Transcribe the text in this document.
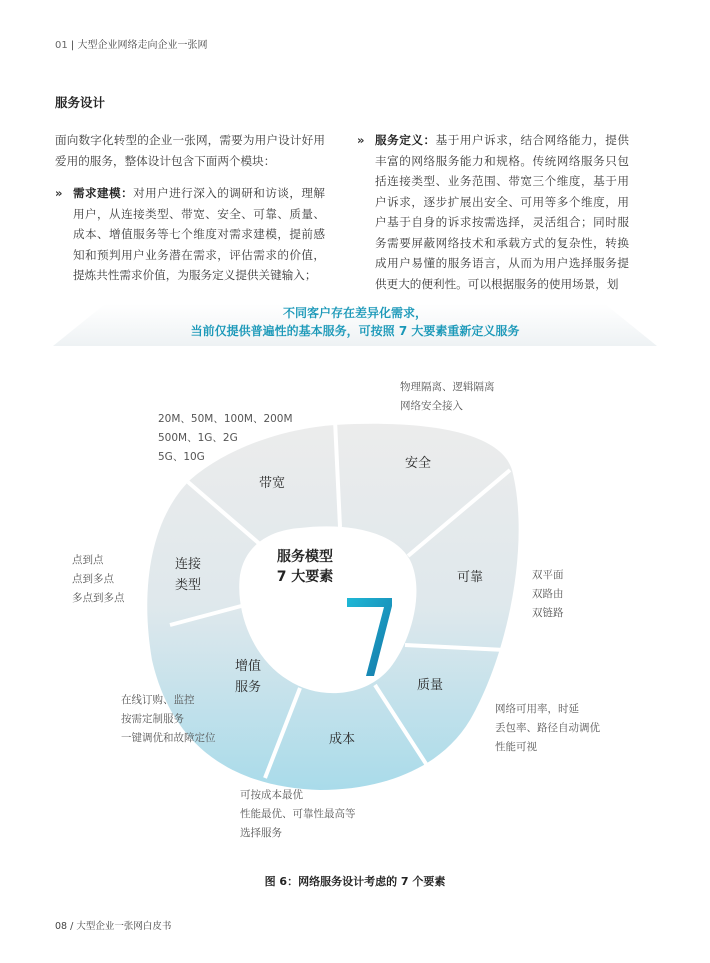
01 | 大型企业网络走向企业一张网
服务设计
面向数字化转型的企业一张网，需要为用户设计好用爱用的服务，整体设计包含下面两个模块：
» 需求建模：对用户进行深入的调研和访谈，理解用户，从连接类型、带宽、安全、可靠、质量、成本、增值服务等七个维度对需求建模，提前感知和预判用户业务潜在需求，评估需求的价值，提炼共性需求价值，为服务定义提供关键输入；
» 服务定义：基于用户诉求，结合网络能力，提供丰富的网络服务能力和规格。传统网络服务只包括连接类型、业务范围、带宽三个维度，基于用户诉求，逐步扩展出安全、可用等多个维度，用户基于自身的诉求按需选择，灵活组合；同时服务需要屏蔽网络技术和承载方式的复杂性，转换成用户易懂的服务语言，从而为用户选择服务提供更大的便利性。可以根据服务的使用场景，划
不同客户存在差异化需求，
当前仅提供普遍性的基本服务，可按照 7 大要素重新定义服务
服务模型
7 大要素
带宽
安全
连接
类型
可靠
增值
服务	质量
成本
20M、50M、100M、200M
500M、1G、2G
5G、10G
物理隔离、逻辑隔离
网络安全接入
点到点
点到多点
多点到多点
双平面
双路由
双链路
在线订购、监控
按需定制服务
一键调优和故障定位
网络可用率，时延
丢包率、路径自动调优
性能可视
可按成本最优
性能最优、可靠性最高等
选择服务
图 6：网络服务设计考虑的 7 个要素
08 / 大型企业一张网白皮书
